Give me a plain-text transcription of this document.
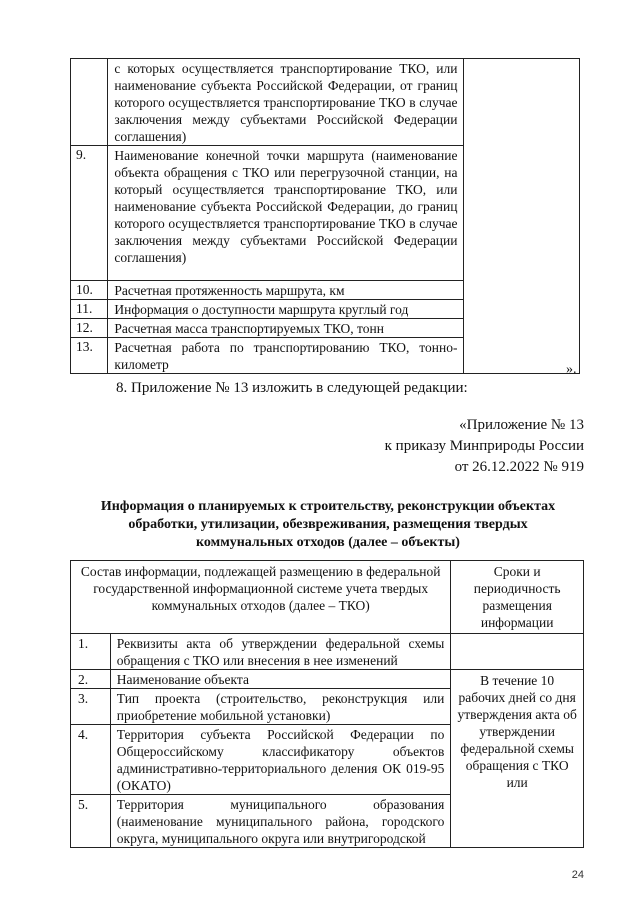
	с которых осуществляется транспортирование ТКО, или наименование субъекта Российской Федерации, от границ которого осуществляется транспортирование ТКО в случае заключения между субъектами Российской Федерации соглашения)	
9.	Наименование конечной точки маршрута (наименование объекта обращения с ТКО или перегрузочной станции, на который осуществляется транспортирование ТКО, или наименование субъекта Российской Федерации, до границ которого осуществляется транспортирование ТКО в случае заключения между субъектами Российской Федерации соглашения)	
10.	Расчетная протяженность маршрута, км	
11.	Информация о доступности маршрута круглый год	
12.	Расчетная масса транспортируемых ТКО, тонн	
13.	Расчетная работа по транспортированию ТКО, тонно-километр		».
8. Приложение № 13 изложить в следующей редакции:
«Приложение № 13
к приказу Минприроды России
от 26.12.2022 № 919
Информация о планируемых к строительству, реконструкции объектах обработки, утилизации, обезвреживания, размещения твердых коммунальных отходов (далее – объекты)
Состав информации, подлежащей размещению в федеральной государственной информационной системе учета твердых коммунальных отходов (далее – ТКО)		Сроки и периодичность размещения информации
1.	Реквизиты акта об утверждении федеральной схемы обращения с ТКО или внесения в нее изменений	
2.	Наименование объекта	В течение 10 рабочих дней со дня утверждения акта об утверждении федеральной схемы обращения с ТКО или
3.	Тип проекта (строительство, реконструкция или приобретение мобильной установки)	
4.	Территория субъекта Российской Федерации по Общероссийскому классификатору объектов административно-территориального деления ОК 019-95 (ОКАТО)	
5.	Территория муниципального образования (наименование муниципального района, городского округа, муниципального округа или внутригородской	
24
